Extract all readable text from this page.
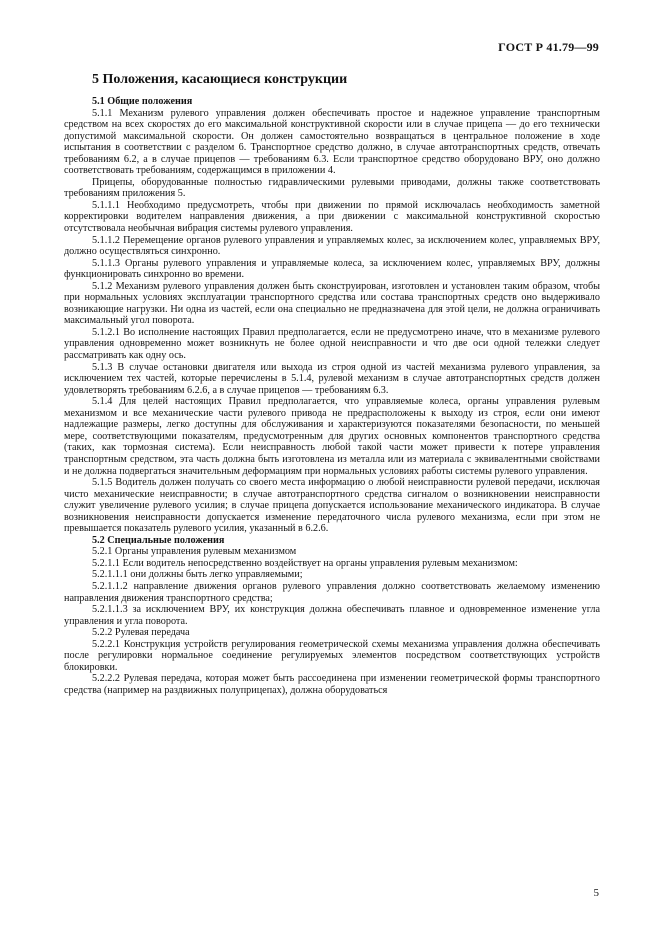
ГОСТ Р 41.79—99
5 Положения, касающиеся конструкции

5.1 Общие положения

5.1.1 Механизм рулевого управления должен обеспечивать простое и надежное управление транспортным средством на всех скоростях до его максимальной конструктивной скорости или в случае прицепа — до его технически допустимой максимальной скорости. Он должен самостоятельно возвращаться в центральное положение в ходе испытания в соответствии с разделом 6. Транспортное средство должно, в случае автотранспортных средств, отвечать требованиям 6.2, а в случае прицепов — требованиям 6.3. Если транспортное средство оборудовано ВРУ, оно должно соответствовать требованиям, содержащимся в приложении 4.

Прицепы, оборудованные полностью гидравлическими рулевыми приводами, должны также соответствовать требованиям приложения 5.

5.1.1.1 Необходимо предусмотреть, чтобы при движении по прямой исключалась необходимость заметной корректировки водителем направления движения, а при движении с максимальной конструктивной скоростью отсутствовала необычная вибрация системы рулевого управления.

5.1.1.2 Перемещение органов рулевого управления и управляемых колес, за исключением колес, управляемых ВРУ, должно осуществляться синхронно.

5.1.1.3 Органы рулевого управления и управляемые колеса, за исключением колес, управляемых ВРУ, должны функционировать синхронно во времени.

5.1.2 Механизм рулевого управления должен быть сконструирован, изготовлен и установлен таким образом, чтобы при нормальных условиях эксплуатации транспортного средства или состава транспортных средств оно выдерживало возникающие нагрузки. Ни одна из частей, если она специально не предназначена для этой цели, не должна ограничивать максимальный угол поворота.

5.1.2.1 Во исполнение настоящих Правил предполагается, если не предусмотрено иначе, что в механизме рулевого управления одновременно может возникнуть не более одной неисправности и что две оси одной тележки следует рассматривать как одну ось.

5.1.3 В случае остановки двигателя или выхода из строя одной из частей механизма рулевого управления, за исключением тех частей, которые перечислены в 5.1.4, рулевой механизм в случае автотранспортных средств должен удовлетворять требованиям 6.2.6, а в случае прицепов — требованиям 6.3.

5.1.4 Для целей настоящих Правил предполагается, что управляемые колеса, органы управления рулевым механизмом и все механические части рулевого привода не предрасположены к выходу из строя, если они имеют надлежащие размеры, легко доступны для обслуживания и характеризуются показателями безопасности, по меньшей мере, соответствующими показателям, предусмотренным для других основных компонентов транспортного средства (таких, как тормозная система). Если неисправность любой такой части может привести к потере управления транспортным средством, эта часть должна быть изготовлена из металла или из материала с эквивалентными свойствами и не должна подвергаться значительным деформациям при нормальных условиях работы системы рулевого управления.

5.1.5 Водитель должен получать со своего места информацию о любой неисправности рулевой передачи, исключая чисто механические неисправности; в случае автотранспортного средства сигналом о возникновении неисправности служит увеличение рулевого усилия; в случае прицепа допускается использование механического индикатора. В случае возникновения неисправности допускается изменение передаточного числа рулевого механизма, если при этом не превышается показатель рулевого усилия, указанный в 6.2.6.

5.2 Специальные положения

5.2.1 Органы управления рулевым механизмом

5.2.1.1 Если водитель непосредственно воздействует на органы управления рулевым механизмом:

5.2.1.1.1 они должны быть легко управляемыми;

5.2.1.1.2 направление движения органов рулевого управления должно соответствовать желаемому изменению направления движения транспортного средства;

5.2.1.1.3 за исключением ВРУ, их конструкция должна обеспечивать плавное и одновременное изменение угла управления и угла поворота.

5.2.2 Рулевая передача

5.2.2.1 Конструкция устройств регулирования геометрической схемы механизма управления должна обеспечивать после регулировки нормальное соединение регулируемых элементов посредством соответствующих устройств блокировки.

5.2.2.2 Рулевая передача, которая может быть рассоединена при изменении геометрической формы транспортного средства (например на раздвижных полуприцепах), должна оборудоваться

5
